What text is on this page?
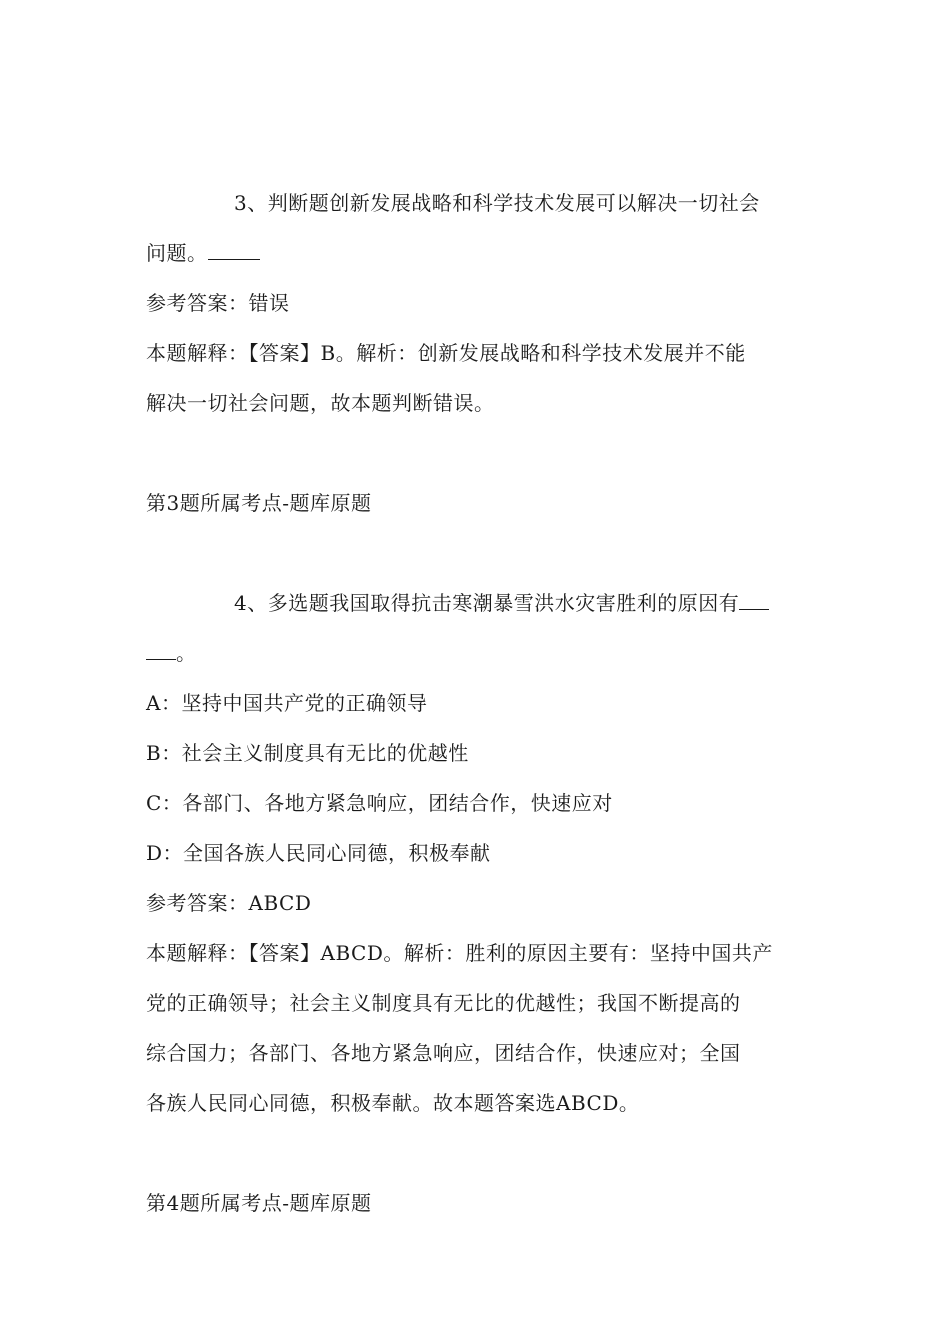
3、判断题创新发展战略和科学技术发展可以解决一切社会

问题。

参考答案：错误

本题解释：【答案】B。解析：创新发展战略和科学技术发展并不能

解决一切社会问题，故本题判断错误。

第3题所属考点-题库原题

4、多选题我国取得抗击寒潮暴雪洪水灾害胜利的原因有

。

A：坚持中国共产党的正确领导

B：社会主义制度具有无比的优越性

C：各部门、各地方紧急响应，团结合作，快速应对

D：全国各族人民同心同德，积极奉献

参考答案：ABCD

本题解释：【答案】ABCD。解析：胜利的原因主要有：坚持中国共产

党的正确领导；社会主义制度具有无比的优越性；我国不断提高的

综合国力；各部门、各地方紧急响应，团结合作，快速应对；全国

各族人民同心同德，积极奉献。故本题答案选ABCD。

第4题所属考点-题库原题
